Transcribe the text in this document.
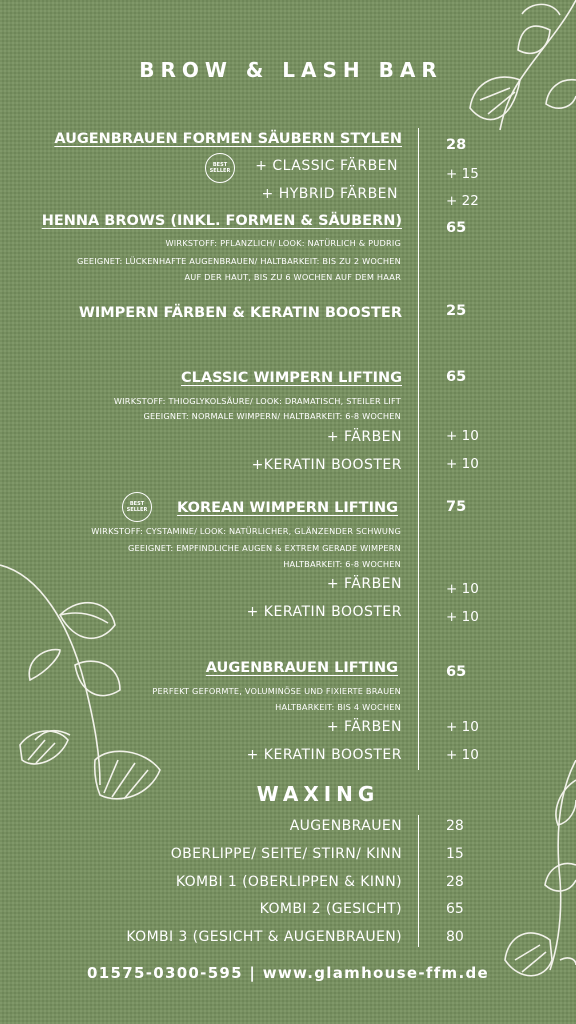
BROW & LASH BAR
AUGENBRAUEN FORMEN SÄUBERN STYLEN	28
BEST
SELLER + CLASSIC FÄRBEN	+ 15
+ HYBRID FÄRBEN	+ 22
HENNA BROWS (INKL. FORMEN & SÄUBERN)	65
WIRKSTOFF: PFLANZLICH/ LOOK: NATÜRLICH & PUDRIG
GEEIGNET: LÜCKENHAFTE AUGENBRAUEN/ HALTBARKEIT: BIS ZU 2 WOCHEN
AUF DER HAUT, BIS ZU 6 WOCHEN AUF DEM HAAR
WIMPERN FÄRBEN & KERATIN BOOSTER	25
CLASSIC WIMPERN LIFTING	65
WIRKSTOFF: THIOGLYKOLSÄURE/ LOOK: DRAMATISCH, STEILER LIFT
GEEIGNET: NORMALE WIMPERN/ HALTBARKEIT: 6-8 WOCHEN
+ FÄRBEN	+ 10
+KERATIN BOOSTER	+ 10
BEST
SELLER KOREAN WIMPERN LIFTING	75
WIRKSTOFF: CYSTAMINE/ LOOK: NATÜRLICHER, GLÄNZENDER SCHWUNG
GEEIGNET: EMPFINDLICHE AUGEN & EXTREM GERADE WIMPERN
HALTBARKEIT: 6-8 WOCHEN
+ FÄRBEN	+ 10
+ KERATIN BOOSTER	+ 10
AUGENBRAUEN LIFTING	65
PERFEKT GEFORMTE, VOLUMINÖSE UND FIXIERTE BRAUEN
HALTBARKEIT: BIS 4 WOCHEN
+ FÄRBEN	+ 10
+ KERATIN BOOSTER	+ 10
WAXING
AUGENBRAUEN	28
OBERLIPPE/ SEITE/ STIRN/ KINN	15
KOMBI 1 (OBERLIPPEN & KINN)	28
KOMBI 2 (GESICHT)	65
KOMBI 3 (GESICHT & AUGENBRAUEN)	80
01575-0300-595 | www.glamhouse-ffm.de
